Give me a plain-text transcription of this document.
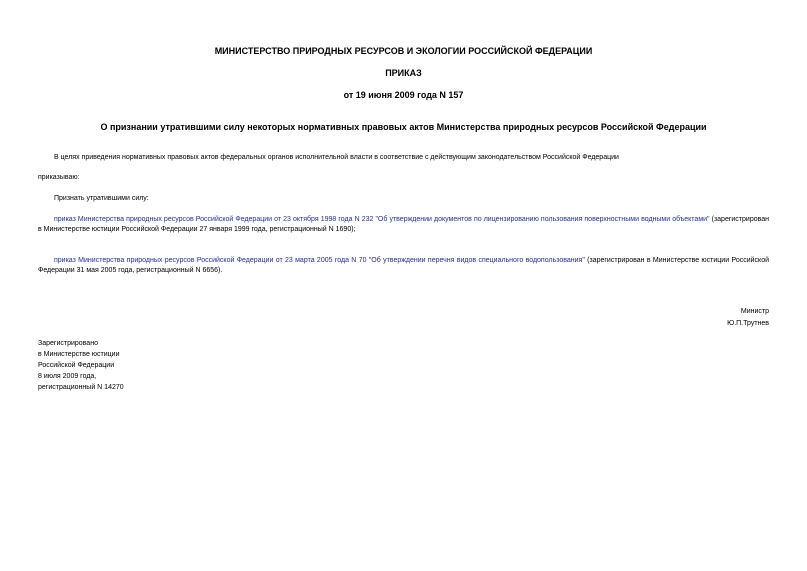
МИНИСТЕРСТВО ПРИРОДНЫХ РЕСУРСОВ И ЭКОЛОГИИ РОССИЙСКОЙ ФЕДЕРАЦИИ
ПРИКАЗ
от 19 июня 2009 года N 157
О признании утратившими силу некоторых нормативных правовых актов Министерства природных ресурсов Российской Федерации
В целях приведения нормативных правовых актов федеральных органов исполнительной власти в соответствие с действующим законодательством Российской Федерации
приказываю:
Признать утратившими силу:
приказ Министерства природных ресурсов Российской Федерации от 23 октября 1998 года N 232 "Об утверждении документов по лицензированию пользования поверхностными водными объектами" (зарегистрирован в Министерстве юстиции Российской Федерации 27 января 1999 года, регистрационный N 1690);
приказ Министерства природных ресурсов Российской Федерации от 23 марта 2005 года N 70 "Об утверждении перечня видов специального водопользования" (зарегистрирован в Министерстве юстиции Российской Федерации 31 мая 2005 года, регистрационный N 6656).
Министр
Ю.П.Трутнев
Зарегистрировано
в Министерстве юстиции
Российской Федерации
8 июля 2009 года,
регистрационный N 14270
